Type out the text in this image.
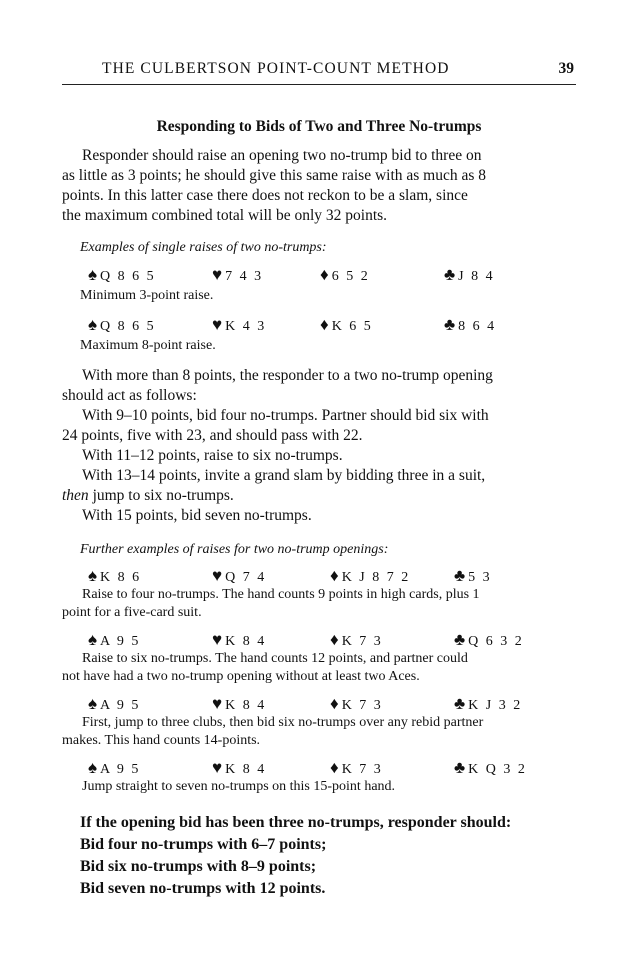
THE CULBERTSON POINT-COUNT METHOD	39
Responding to Bids of Two and Three No-trumps

Responder should raise an opening two no-trump bid to three on
as little as 3 points; he should give this same raise with as much as 8
points. In this latter case there does not reckon to be a slam, since
the maximum combined total will be only 32 points.

Examples of single raises of two no-trumps:
♠ Q 8 6 5	♥ 7 4 3	♦ 6 5 2	♣ J 8 4
Minimum 3-point raise.
♠ Q 8 6 5	♥ K 4 3	♦ K 6 5	♣ 8 6 4
Maximum 8-point raise.

With more than 8 points, the responder to a two no-trump opening
should act as follows:

With 9–10 points, bid four no-trumps. Partner should bid six with
24 points, five with 23, and should pass with 22.
With 11–12 points, raise to six no-trumps.
With 13–14 points, invite a grand slam by bidding three in a suit,
then jump to six no-trumps.
With 15 points, bid seven no-trumps.

Further examples of raises for two no-trump openings:
♠ K 8 6	♥ Q 7 4	♦ K J 8 7 2	♣ 5 3

Raise to four no-trumps. The hand counts 9 points in high cards, plus 1
point for a five-card suit.

♠ A 9 5	♥ K 8 4	♦ K 7 3	♣ Q 6 3 2

Raise to six no-trumps. The hand counts 12 points, and partner could
not have had a two no-trump opening without at least two Aces.

♠ A 9 5	♥ K 8 4	♦ K 7 3	♣ K J 3 2

First, jump to three clubs, then bid six no-trumps over any rebid partner
makes. This hand counts 14-points.

♠ A 9 5	♥ K 8 4	♦ K 7 3	♣ K Q 3 2

Jump straight to seven no-trumps on this 15-point hand.

If the opening bid has been three no-trumps, responder should:
Bid four no-trumps with 6–7 points;
Bid six no-trumps with 8–9 points;
Bid seven no-trumps with 12 points.
